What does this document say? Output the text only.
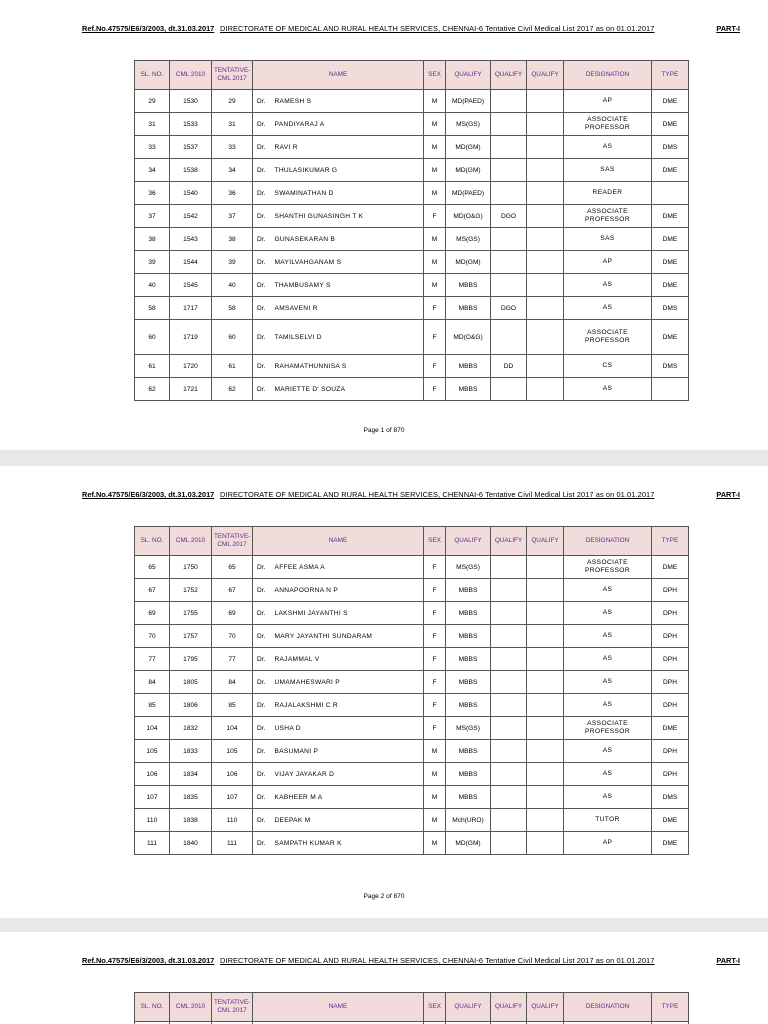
DIRECTORATE OF MEDICAL AND RURAL HEALTH SERVICES, CHENNAI-6 Tentative Civil Medical List 2017 as on 01.01.2017
Ref.No.47575/E6/3/2003, dt.31.03.2017	PART-I
SL. NO.	CML 2010	TENTATIVE-CML 2017	NAME		SEX	QUALIFY	QUALIFY	QUALIFY	DESIGNATION	TYPE
29	1530	29	Dr.	RAMESH S	M	MD(PAED)			AP	DME
31	1533	31	Dr.	PANDIYARAJ A	M	MS(GS)			ASSOCIATE PROFESSOR	DME
33	1537	33	Dr.	RAVI R	M	MD(GM)			AS	DMS
34	1538	34	Dr.	THULASIKUMAR G	M	MD(GM)			SAS	DME
36	1540	36	Dr.	SWAMINATHAN D	M	MD(PAED)			READER	
37	1542	37	Dr.	SHANTHI GUNASINGH T K	F	MD(O&G)	DGO		ASSOCIATE PROFESSOR	DME
38	1543	38	Dr.	GUNASEKARAN B	M	MS(GS)			SAS	DME
39	1544	39	Dr.	MAYILVAHGANAM S	M	MD(GM)			AP	DME
40	1545	40	Dr.	THAMBUSAMY S	M	MBBS			AS	DME
58	1717	58	Dr.	AMSAVENI R	F	MBBS	DGO		AS	DMS
60	1719	60	Dr.	TAMILSELVI D	F	MD(O&G)			ASSOCIATE PROFESSOR	DME
61	1720	61	Dr.	RAHAMATHUNNISA S	F	MBBS	DD		CS	DMS
62	1721	62	Dr.	MARIETTE D' SOUZA	F	MBBS			AS	
Page 1 of 870
DIRECTORATE OF MEDICAL AND RURAL HEALTH SERVICES, CHENNAI-6 Tentative Civil Medical List 2017 as on 01.01.2017
Ref.No.47575/E6/3/2003, dt.31.03.2017	PART-I
SL. NO.	CML 2010	TENTATIVE-CML 2017	NAME		SEX	QUALIFY	QUALIFY	QUALIFY	DESIGNATION	TYPE
65	1750	65	Dr.	AFFEE ASMA A	F	MS(GS)			ASSOCIATE PROFESSOR	DME
67	1752	67	Dr.	ANNAPOORNA N P	F	MBBS			AS	DPH
69	1755	69	Dr.	LAKSHMI JAYANTHI S	F	MBBS			AS	DPH
70	1757	70	Dr.	MARY JAYANTHI SUNDARAM	F	MBBS			AS	DPH
77	1795	77	Dr.	RAJAMMAL V	F	MBBS			AS	DPH
84	1805	84	Dr.	UMAMAHESWARI P	F	MBBS			AS	DPH
85	1806	85	Dr.	RAJALAKSHMI C R	F	MBBS			AS	DPH
104	1832	104	Dr.	USHA D	F	MS(GS)			ASSOCIATE PROFESSOR	DME
105	1833	105	Dr.	BASUMANI P	M	MBBS			AS	DPH
106	1834	106	Dr.	VIJAY JAYAKAR D	M	MBBS			AS	DPH
107	1835	107	Dr.	KABHEER M A	M	MBBS			AS	DMS
110	1838	110	Dr.	DEEPAK M	M	Mch(URO)			TUTOR	DME
111	1840	111	Dr.	SAMPATH KUMAR K	M	MD(GM)			AP	DME
Page 2 of 870
DIRECTORATE OF MEDICAL AND RURAL HEALTH SERVICES, CHENNAI-6 Tentative Civil Medical List 2017 as on 01.01.2017
Ref.No.47575/E6/3/2003, dt.31.03.2017	PART-I
SL. NO.	CML 2010	TENTATIVE-CML 2017	NAME		SEX	QUALIFY	QUALIFY	QUALIFY	DESIGNATION	TYPE
